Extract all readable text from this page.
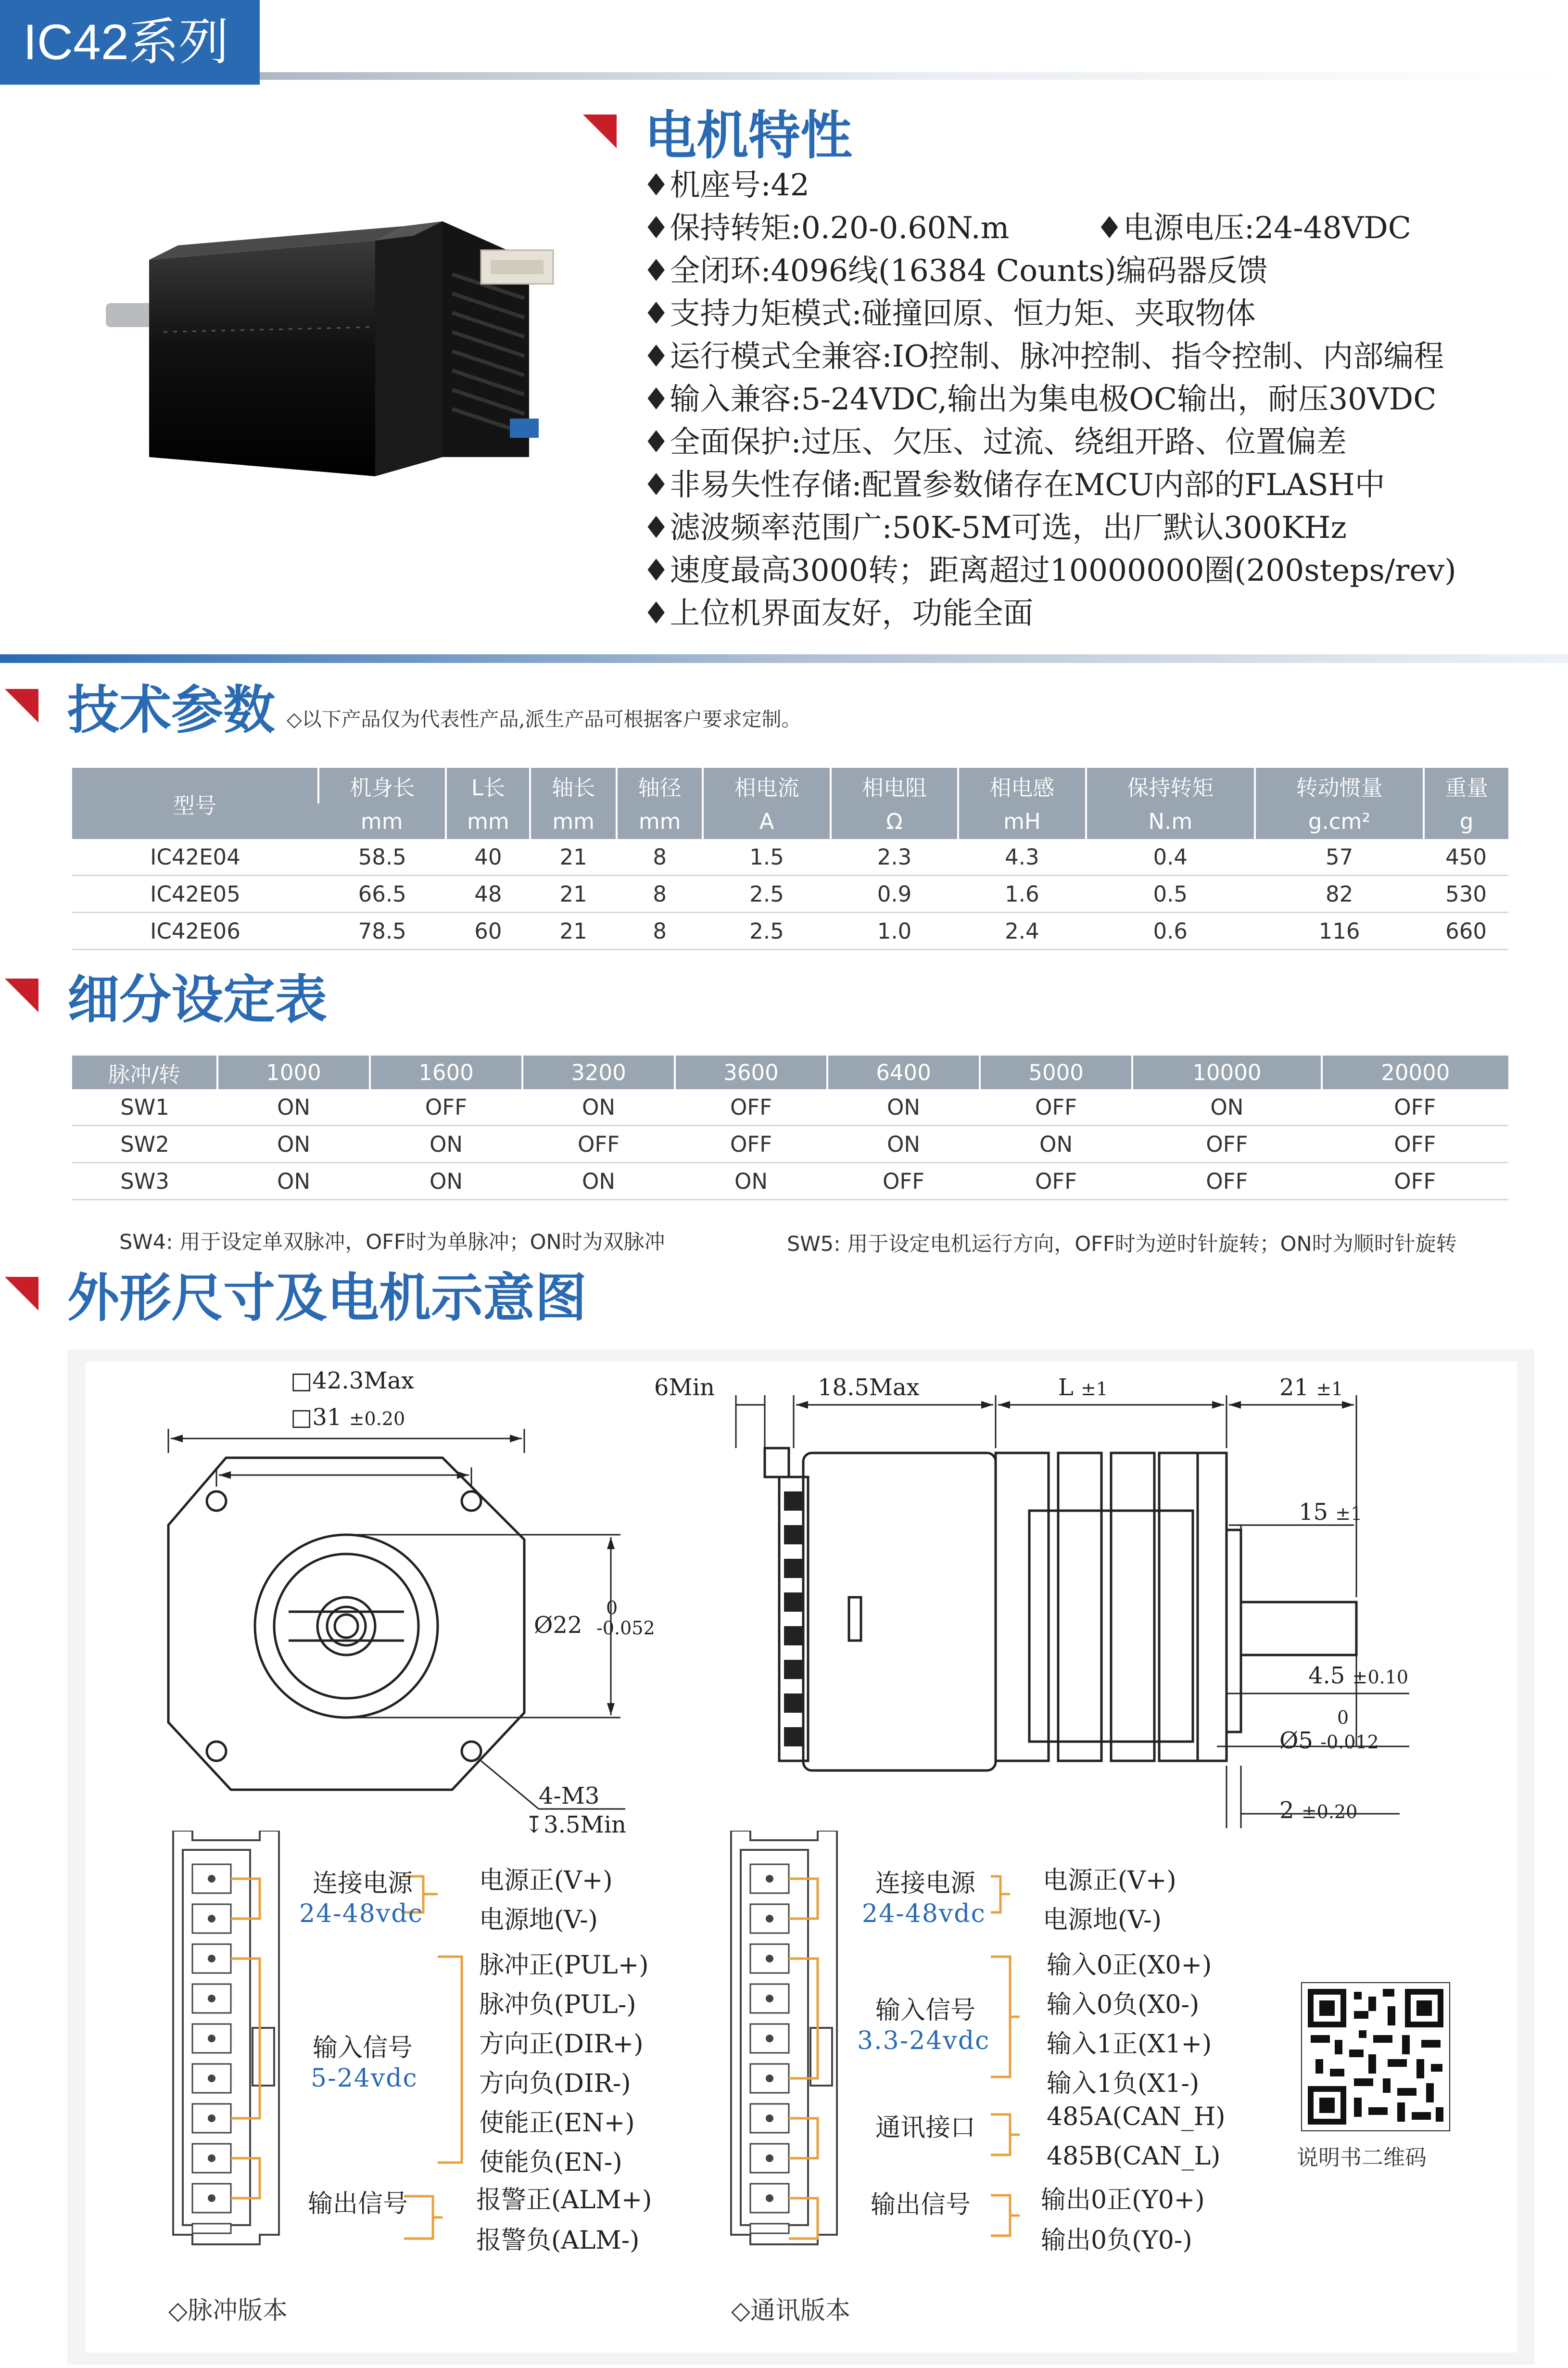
IC42系列
电机特性
♦机座号:42
♦保持转矩:0.20-0.60N.m	♦电源电压:24-48VDC
♦全闭环:4096线(16384 Counts)编码器反馈
♦支持力矩模式:碰撞回原、恒力矩、夹取物体
♦运行模式全兼容:IO控制、脉冲控制、指令控制、内部编程
♦输入兼容:5-24VDC,输出为集电极OC输出，耐压30VDC
♦全面保护:过压、欠压、过流、绕组开路、位置偏差
♦非易失性存储:配置参数储存在MCU内部的FLASH中
♦滤波频率范围广:50K-5M可选，出厂默认300KHz
♦速度最高3000转；距离超过10000000圈(200steps/rev)
♦上位机界面友好，功能全面
技术参数 ◇以下产品仅为代表性产品,派生产品可根据客户要求定制。
型号	机身长	L长	轴长	轴径	相电流	相电阻	相电感	保持转矩	转动惯量	重量
	mm	mm	mm	mm	A	Ω	mH	N.m	g.cm²	g
IC42E04	58.5	40	21	8	1.5	2.3	4.3	0.4	57	450
IC42E05	66.5	48	21	8	2.5	0.9	1.6	0.5	82	530
IC42E06	78.5	60	21	8	2.5	1.0	2.4	0.6	116	660
细分设定表
脉冲/转	1000	1600	3200	3600	6400	5000	10000	20000
SW1	ON	OFF	ON	OFF	ON	OFF	ON	OFF
SW2	ON	ON	OFF	OFF	ON	ON	OFF	OFF
SW3	ON	ON	ON	ON	OFF	OFF	OFF	OFF
SW4: 用于设定单双脉冲，OFF时为单脉冲；ON时为双脉冲	SW5: 用于设定电机运行方向，OFF时为逆时针旋转；ON时为顺时针旋转
外形尺寸及电机示意图
□42.3Max
□31 ±0.20
Ø22
0
-0.052
4-M3
↧3.5Min
6Min	18.5Max	L ±1	21 ±1
15 ±1
4.5 ±0.10
0
Ø5 -0.012
2 ±0.20
连接电源
24-48vdc
电源正(V+)
电源地(V-)
输入信号
5-24vdc
脉冲正(PUL+)
脉冲负(PUL-)
方向正(DIR+)
方向负(DIR-)
使能正(EN+)
使能负(EN-)
输出信号	报警正(ALM+)
报警负(ALM-)
◇脉冲版本
连接电源
24-48vdc
电源正(V+)
电源地(V-)
输入信号
3.3-24vdc
输入0正(X0+)
输入0负(X0-)
输入1正(X1+)
输入1负(X1-)
通讯接口	485A(CAN_H)
485B(CAN_L)
输出信号	输出0正(Y0+)
输出0负(Y0-)
◇通讯版本
说明书二维码
